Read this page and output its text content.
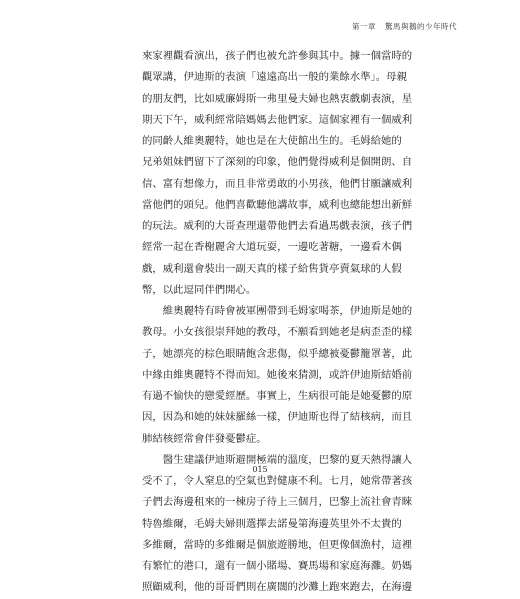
第一章 驚馬與鵝的少年時代
來家裡觀看演出，孩子們也被允許參與其中。據一個當時的
觀眾講，伊迪斯的表演「遠遠高出一般的業餘水準」。母親
的朋友們，比如威廉姆斯一弗里曼夫婦也熱衷戲劇表演，星
期天下午，威利經常陪媽媽去他們家。這個家裡有一個威利
的同齡人維奧麗特，她也是在大使館出生的。毛姆給她的
兄弟姐妹們留下了深刻的印象，他們覺得威利是個開朗、自
信、富有想像力，而且非常勇敢的小男孩，他們甘願讓威利
當他們的頭兒。他們喜歡聽他講故事，威利也總能想出新鮮
的玩法。威利的大哥查理還帶他們去看過馬戲表演，孩子們
經常一起在香榭麗舍大道玩耍，一邊吃著糖，一邊看木偶
戲，威利還會裝出一副天真的樣子給售貨亭賣氣球的人假
幣，以此逗同伴們開心。
維奧麗特有時會被軍團帶到毛姆家喝茶，伊迪斯是她的
教母。小女孩很崇拜她的教母，不願看到她老是病歪歪的樣
子，她漂亮的棕色眼睛飽含悲傷，似乎總被憂鬱籠罩著，此
中緣由維奧麗特不得而知。她後來猜測，或許伊迪斯結婚前
有過不愉快的戀愛經歷。事實上，生病很可能是她憂鬱的原
因，因為和她的妹妹羅絲一樣，伊迪斯也得了結核病，而且
肺結核經常會伴發憂鬱症。
醫生建議伊迪斯避開極端的溫度，巴黎的夏天熱得讓人
受不了，令人窒息的空氣也對健康不利。七月，她常帶著孩
子們去海邊租來的一棟房子待上三個月，巴黎上流社會青睞
特魯維爾，毛姆夫婦則選擇去諾曼第海邊英里外不太貴的
多維爾，當時的多維爾是個旅遊勝地，但更像個漁村，這裡
有繁忙的港口，還有一個小賭場、賽馬場和家庭海灘。奶媽
照顧威利，他的哥哥們則在廣闊的沙灘上跑來跑去，在海邊
015
